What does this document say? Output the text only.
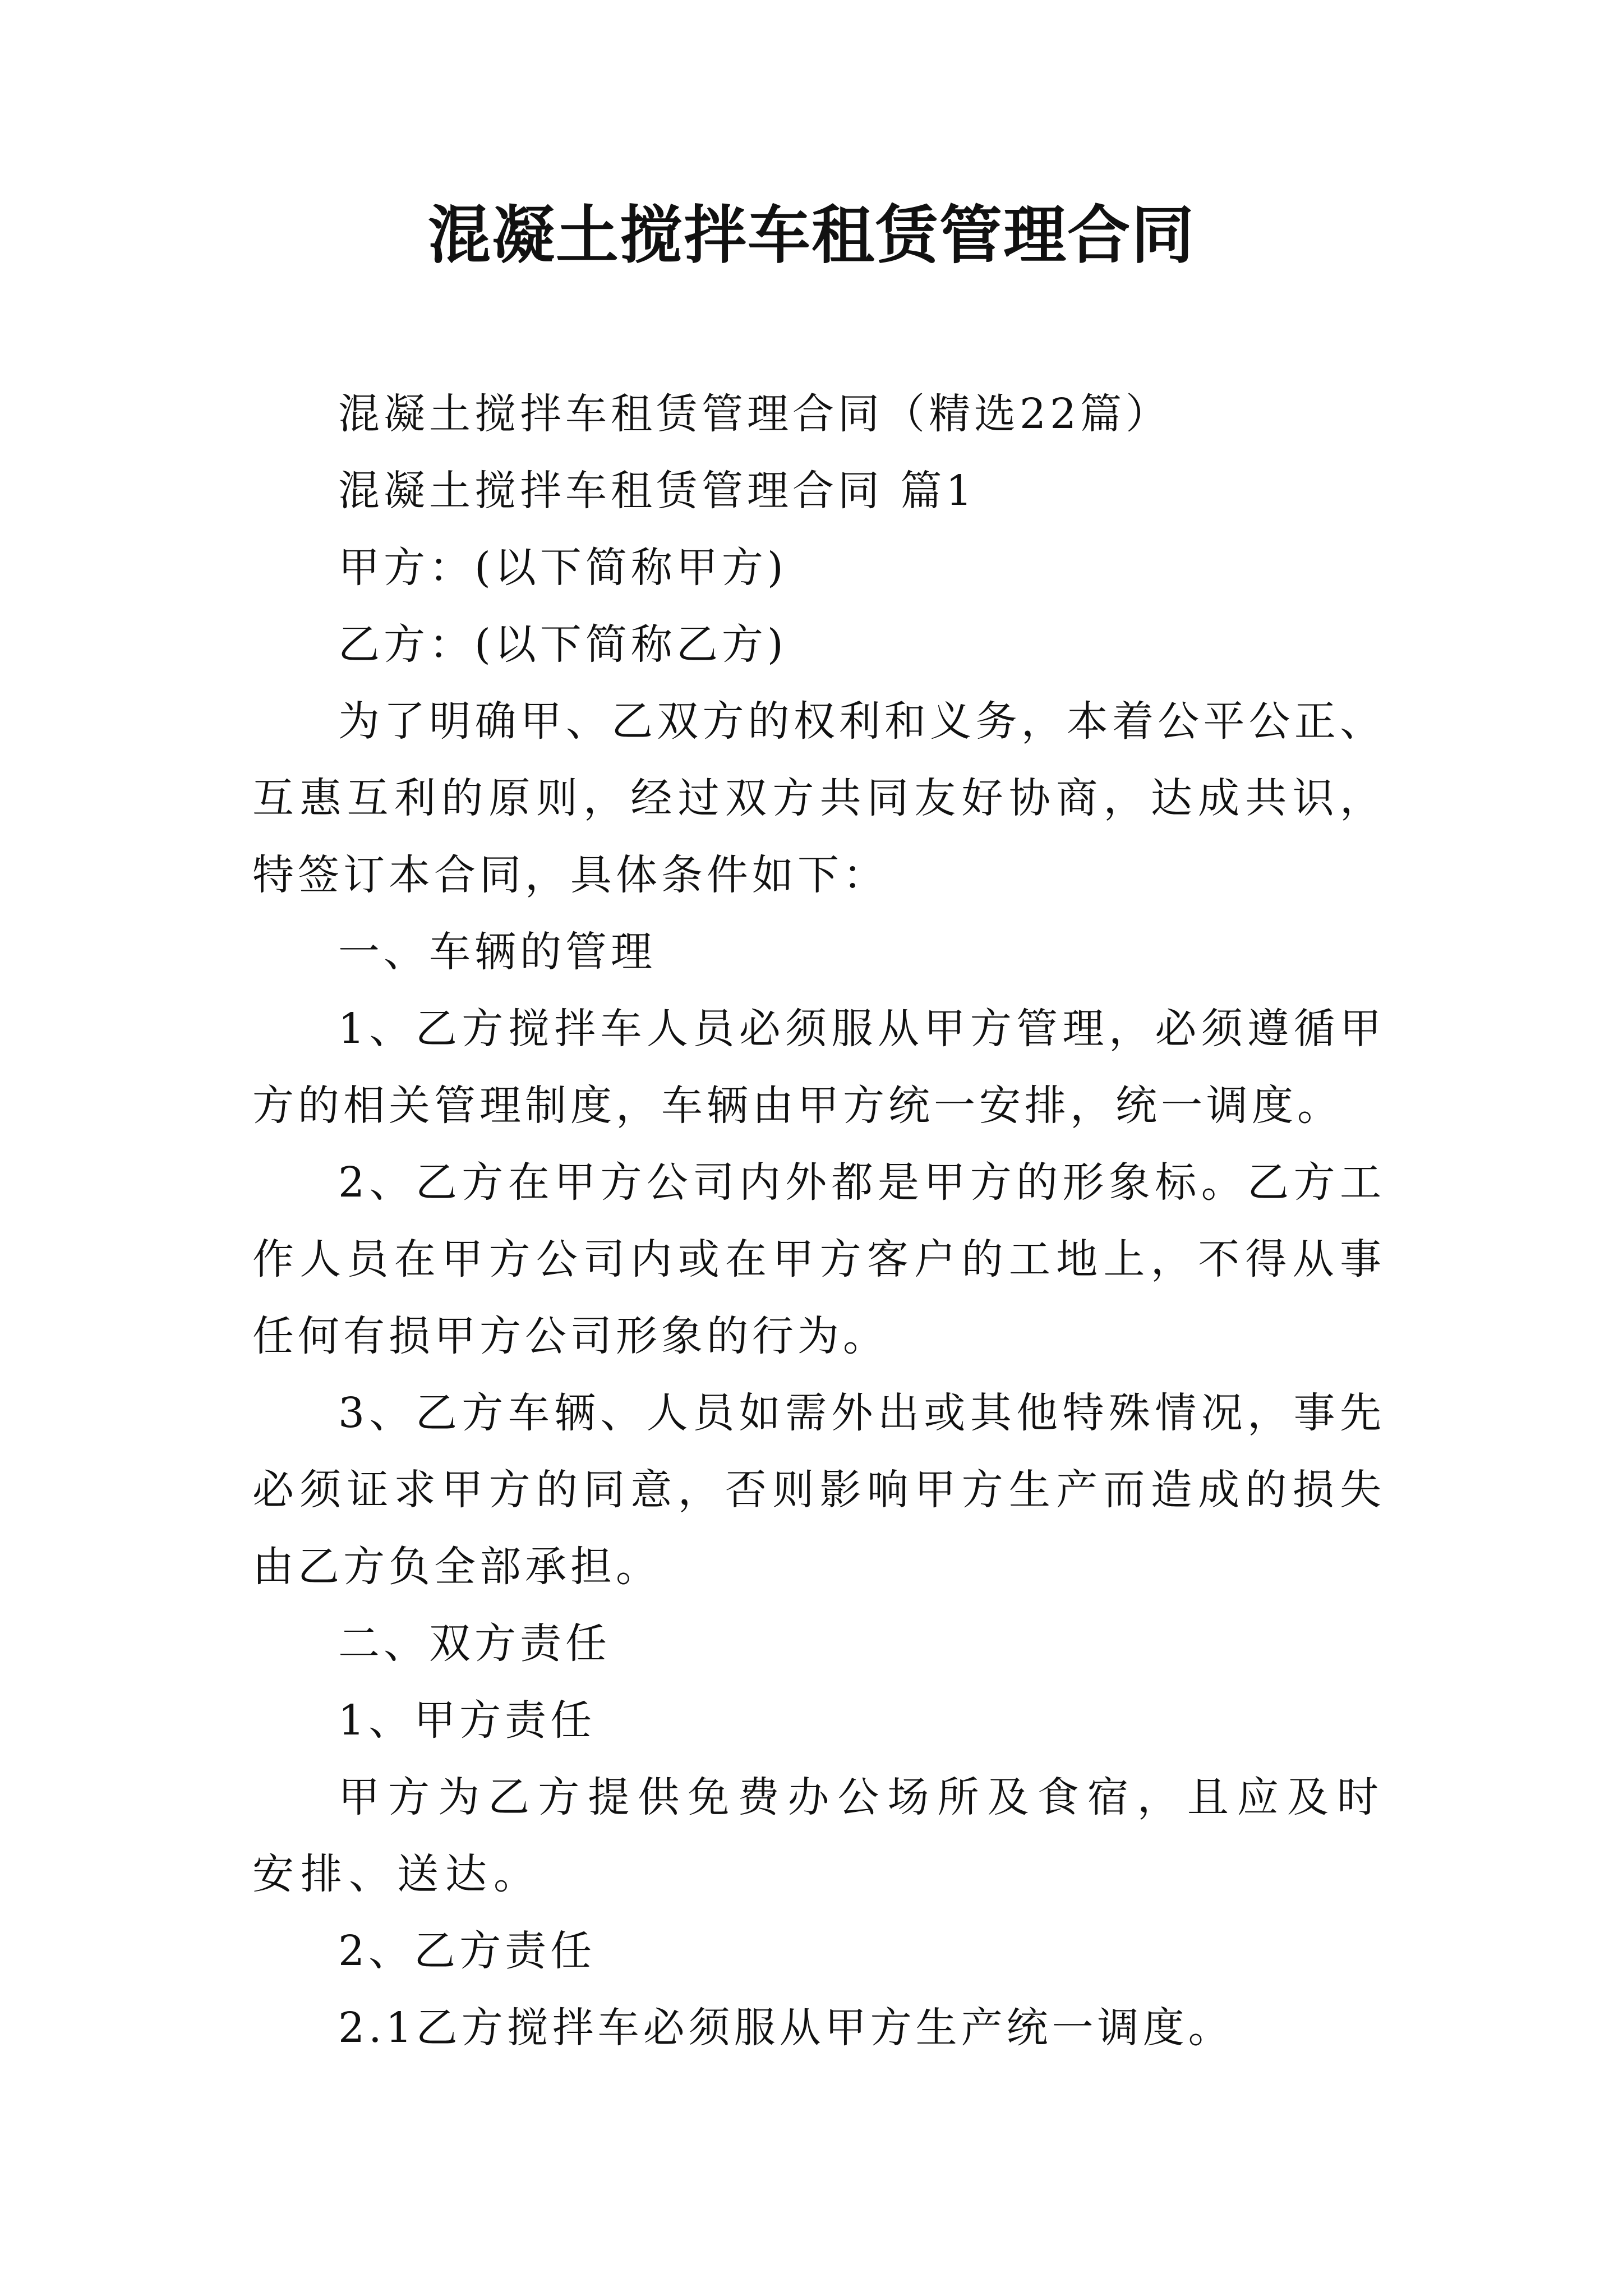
混凝土搅拌车租赁管理合同

混凝土搅拌车租赁管理合同（精选22篇）

混凝土搅拌车租赁管理合同 篇1

甲方：(以下简称甲方)

乙方：(以下简称乙方)

为了明确甲、乙双方的权利和义务，本着公平公正、互惠互利的原则，经过双方共同友好协商，达成共识，特签订本合同，具体条件如下：

一、车辆的管理

1、乙方搅拌车人员必须服从甲方管理，必须遵循甲方的相关管理制度，车辆由甲方统一安排，统一调度。

2、乙方在甲方公司内外都是甲方的形象标。乙方工作人员在甲方公司内或在甲方客户的工地上，不得从事任何有损甲方公司形象的行为。

3、乙方车辆、人员如需外出或其他特殊情况，事先必须证求甲方的同意，否则影响甲方生产而造成的损失由乙方负全部承担。

二、双方责任

1、甲方责任

甲方为乙方提供免费办公场所及食宿，且应及时安排、送达。

2、乙方责任

2.1乙方搅拌车必须服从甲方生产统一调度。
